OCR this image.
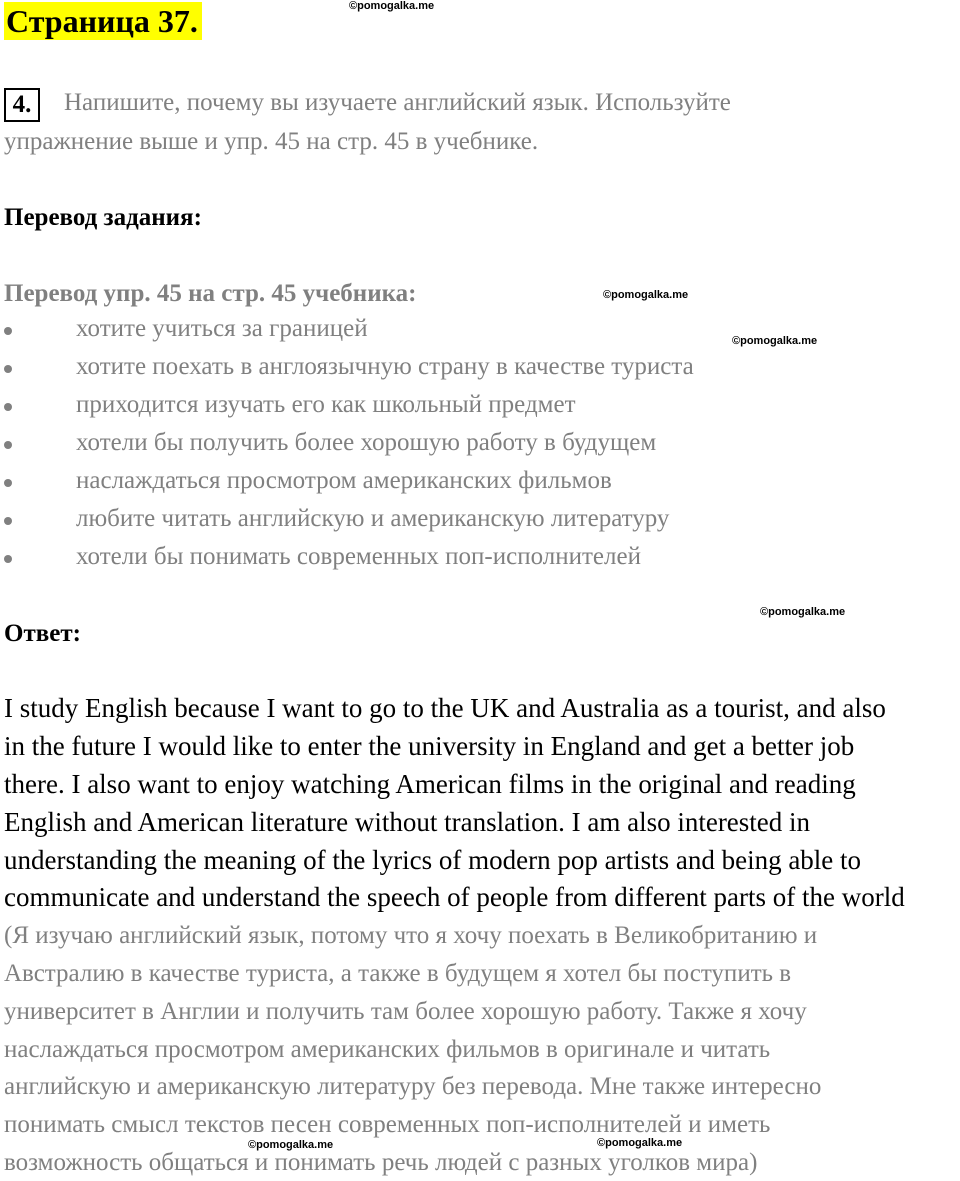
Страница 37.	©pomogalka.me
©pomogalka.me
©pomogalka.me
©pomogalka.me
©pomogalka.me	©pomogalka.me
4.	Напишите, почему вы изучаете английский язык. Используйте
упражнение выше и упр. 45 на стр. 45 в учебнике.
Перевод задания:
Перевод упр. 45 на стр. 45 учебника:
хотите учиться за границей
хотите поехать в англоязычную страну в качестве туриста
приходится изучать его как школьный предмет
хотели бы получить более хорошую работу в будущем
наслаждаться просмотром американских фильмов
любите читать английскую и американскую литературу
хотели бы понимать современных поп-исполнителей
Ответ:
I study English because I want to go to the UK and Australia as a tourist, and also
in the future I would like to enter the university in England and get a better job
there. I also want to enjoy watching American films in the original and reading
English and American literature without translation. I am also interested in
understanding the meaning of the lyrics of modern pop artists and being able to
communicate and understand the speech of people from different parts of the world
(Я изучаю английский язык, потому что я хочу поехать в Великобританию и
Австралию в качестве туриста, а также в будущем я хотел бы поступить в
университет в Англии и получить там более хорошую работу. Также я хочу
наслаждаться просмотром американских фильмов в оригинале и читать
английскую и американскую литературу без перевода. Мне также интересно
понимать смысл текстов песен современных поп-исполнителей и иметь
возможность общаться и понимать речь людей с разных уголков мира)
